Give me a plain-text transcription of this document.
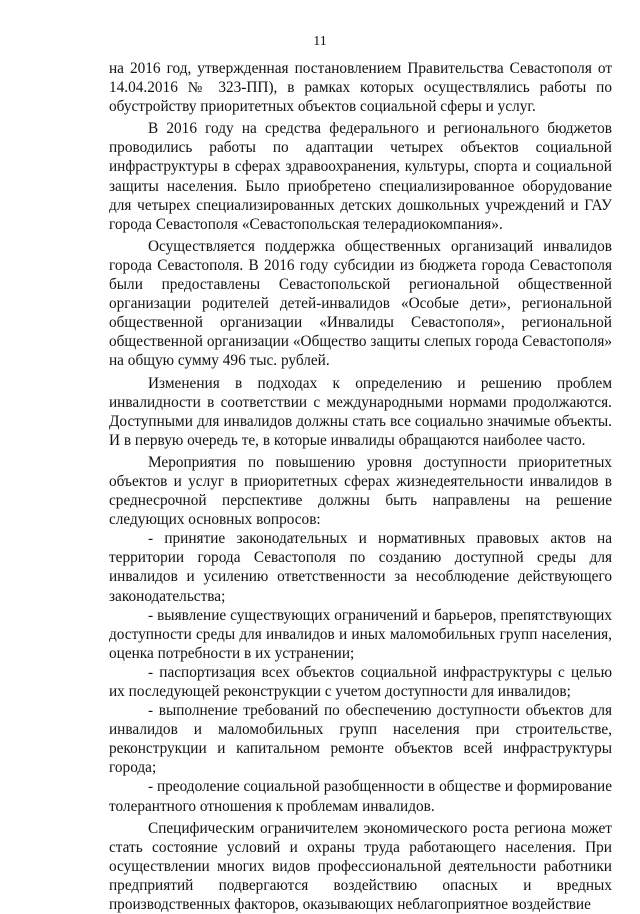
11

на 2016 год, утвержденная постановлением Правительства Севастополя от 14.04.2016 № 323-ПП), в рамках которых осуществлялись работы по обустройству приоритетных объектов социальной сферы и услуг.

В 2016 году на средства федерального и регионального бюджетов проводились работы по адаптации четырех объектов социальной инфраструктуры в сферах здравоохранения, культуры, спорта и социальной защиты населения. Было приобретено специализированное оборудование для четырех специализированных детских дошкольных учреждений и ГАУ города Севастополя «Севастопольская телерадиокомпания».

Осуществляется поддержка общественных организаций инвалидов города Севастополя. В 2016 году субсидии из бюджета города Севастополя были предоставлены Севастопольской региональной общественной организации родителей детей-инвалидов «Особые дети», региональной общественной организации «Инвалиды Севастополя», региональной общественной организации «Общество защиты слепых города Севастополя» на общую сумму 496 тыс. рублей.

Изменения в подходах к определению и решению проблем инвалидности в соответствии с международными нормами продолжаются. Доступными для инвалидов должны стать все социально значимые объекты. И в первую очередь те, в которые инвалиды обращаются наиболее часто.

Мероприятия по повышению уровня доступности приоритетных объектов и услуг в приоритетных сферах жизнедеятельности инвалидов в среднесрочной перспективе должны быть направлены на решение следующих основных вопросов:

- принятие законодательных и нормативных правовых актов на территории города Севастополя по созданию доступной среды для инвалидов и усилению ответственности за несоблюдение действующего законодательства;

- выявление существующих ограничений и барьеров, препятствующих доступности среды для инвалидов и иных маломобильных групп населения, оценка потребности в их устранении;

- паспортизация всех объектов социальной инфраструктуры с целью их последующей реконструкции с учетом доступности для инвалидов;

- выполнение требований по обеспечению доступности объектов для инвалидов и маломобильных групп населения при строительстве, реконструкции и капитальном ремонте объектов всей инфраструктуры города;

- преодоление социальной разобщенности в обществе и формирование толерантного отношения к проблемам инвалидов.

Специфическим ограничителем экономического роста региона может стать состояние условий и охраны труда работающего населения. При осуществлении многих видов профессиональной деятельности работники предприятий подвергаются воздействию опасных и вредных производственных факторов, оказывающих неблагоприятное воздействие
